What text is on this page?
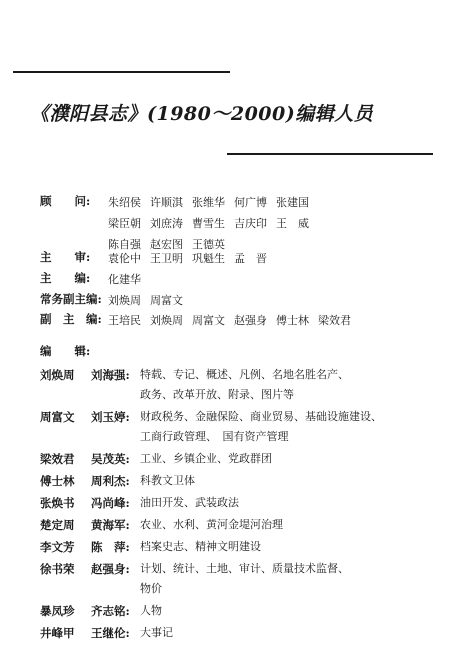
《濮阳县志》(1980～2000)编辑人员
顾　　问: 朱绍侯 许顺淇 张维华 何广博 张建国
梁臣朝 刘庶涛 曹雪生 吉庆印 王　威
陈自强 赵宏图 王德英
主　　审: 袁伦中 王卫明 巩魁生 孟　晋
主　　编: 化建华
常务副主编: 刘焕周 周富文
副　主　编: 王培民 刘焕周 周富文 赵强身 傅士林 梁效君
编　　辑:
刘焕周 刘海强: 特载、专记、概述、凡例、名地名胜名产、
政务、改革开放、附录、图片等
周富文 刘玉婷: 财政税务、金融保险、商业贸易、基础设施建设、
工商行政管理、　国有资产管理
梁效君 吴茂英: 工业、乡镇企业、党政群团
傅士林 周利杰: 科教文卫体
张焕书 冯尚峰: 油田开发、武装政法
楚定周 黄海军: 农业、水利、黄河金堤河治理
李文芳 陈　萍: 档案史志、精神文明建设
徐书荣 赵强身: 计划、统计、土地、审计、质量技术监督、
物价
暴凤珍 齐志铭: 人物
井峰甲 王继伦: 大事记
